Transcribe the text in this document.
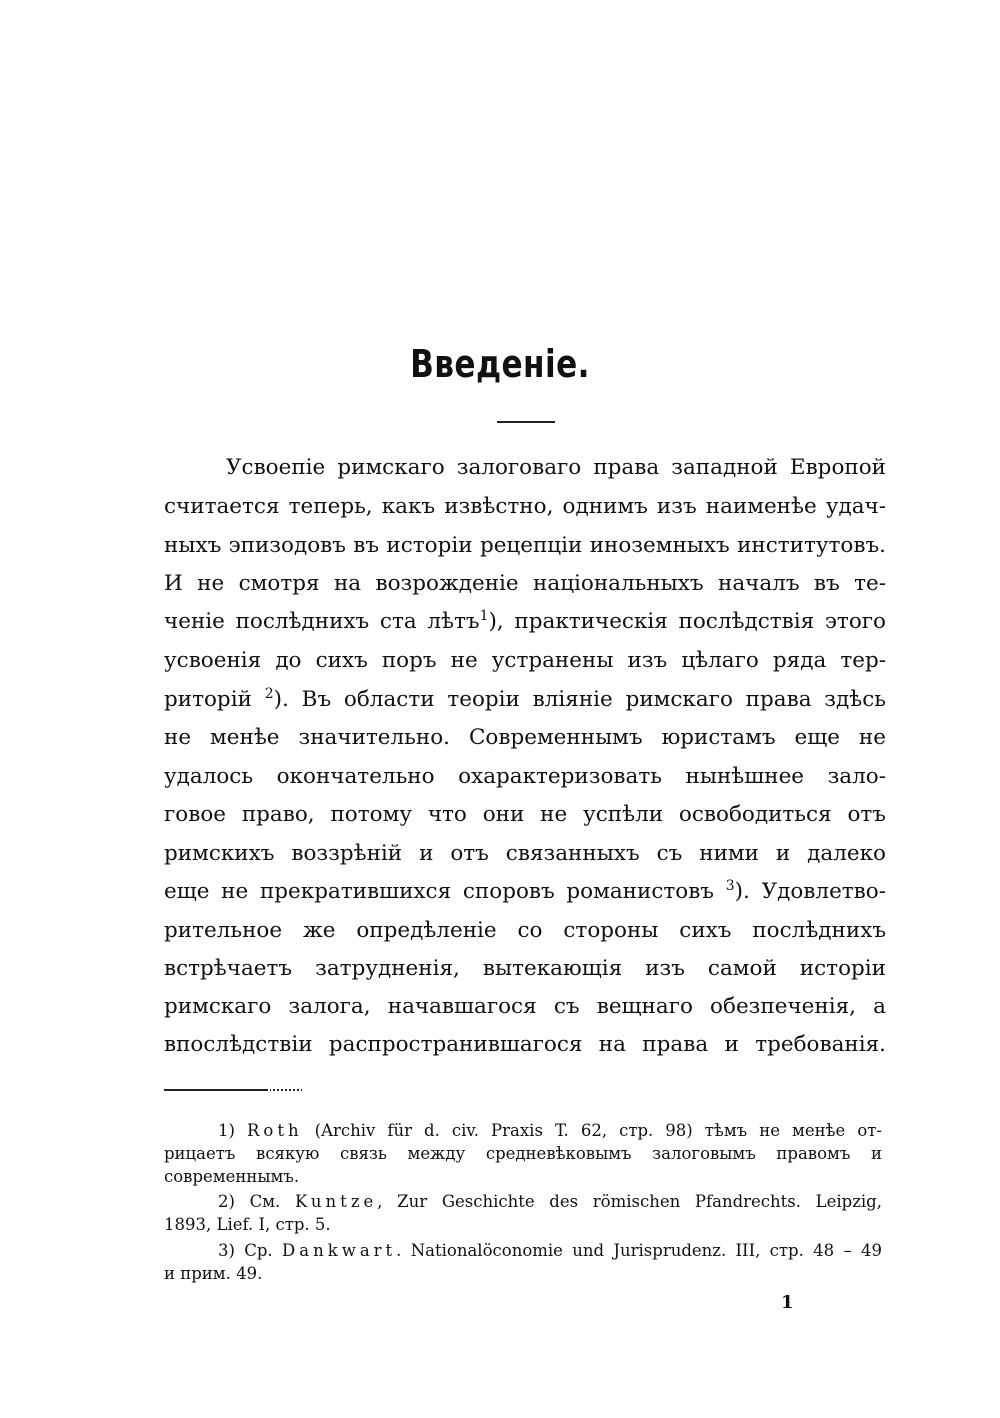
Введеніе.
Усвоепіе римскаго залоговаго права западной Европой
считается теперь, какъ извѣстно, однимъ изъ наименѣе удач-
ныхъ эпизодовъ въ исторіи рецепціи иноземныхъ институтовъ.
И не смотря на возрожденіе національныхъ началъ въ те-
ченіе послѣднихъ ста лѣтъ$^1$), практическія послѣдствія этого
усвоенія до сихъ поръ не устранены изъ цѣлаго ряда тер-
риторій $^2$). Въ области теоріи вліяніе римскаго права здѣсь
не менѣе значительно. Современнымъ юристамъ еще не
удалось окончательно охарактеризовать нынѣшнее зало-
говое право, потому что они не успѣли освободиться отъ
римскихъ воззрѣній и отъ связанныхъ съ ними и далеко
еще не прекратившихся споровъ романистовъ $^3$). Удовлетво-
рительное же опредѣленіе со стороны сихъ послѣднихъ
встрѣчаетъ затрудненія, вытекающія изъ самой исторіи
римскаго залога, начавшагося съ вещнаго обезпеченія, а
впослѣдствіи распространившагося на права и требованія.
1) Roth (Archiv für d. civ. Praxis T. 62, стр. 98) тѣмъ не менѣе от-
рицаетъ всякую связь между средневѣковымъ залоговымъ правомъ и
современнымъ.
2) См. Kuntze, Zur Geschichte des römischen Pfandrechts. Leipzig,
1893, Lief. I, стр. 5.
3) Ср. Dankwart. Nationalöconomie und Jurisprudenz. III, стр. 48 – 49
и прим. 49.
1
